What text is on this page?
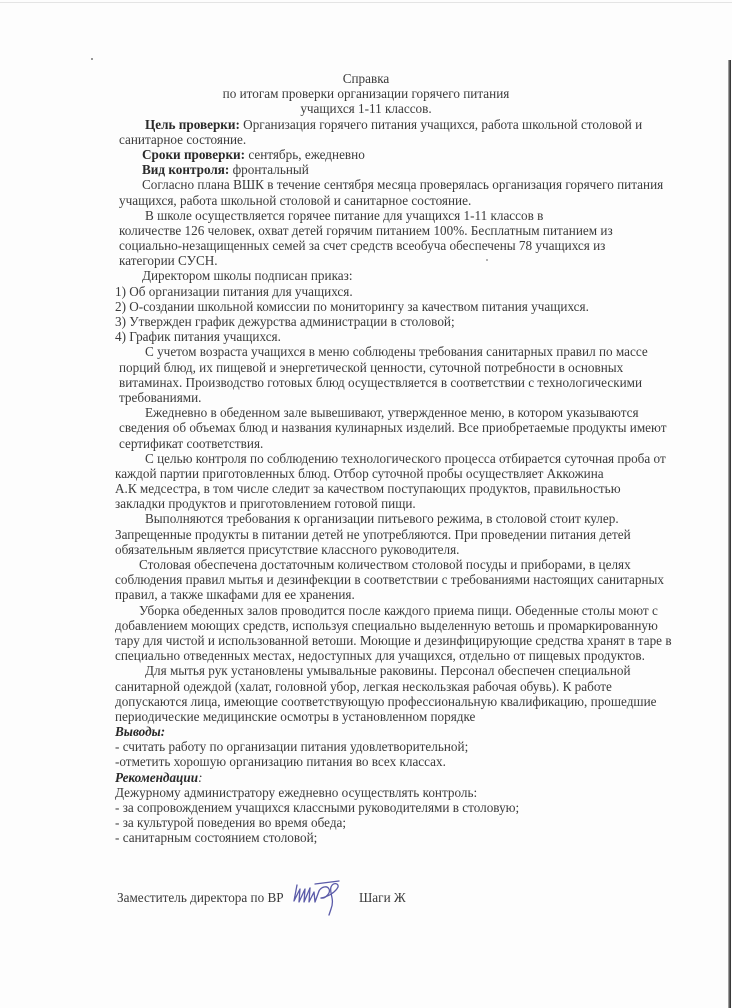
Справка
по итогам проверки организации горячего питания
учащихся 1-11 классов.
Цель проверки: Организация горячего питания учащихся, работа школьной столовой и
санитарное состояние.
Сроки проверки: сентябрь, ежедневно
Вид контроля: фронтальный
Согласно плана ВШК в течение сентября месяца проверялась организация горячего питания
учащихся, работа школьной столовой и санитарное состояние.
В школе осуществляется горячее питание для учащихся 1-11 классов в
количестве 126 человек, охват детей горячим питанием 100%. Бесплатным питанием из
социально-незащищенных семей за счет средств всеобуча обеспечены 78 учащихся из
категории СУСН.
Директором школы подписан приказ:
1) Об организации питания для учащихся.
2) О-создании школьной комиссии по мониторингу за качеством питания учащихся.
3) Утвержден график дежурства администрации в столовой;
4) График питания учащихся.
С учетом возраста учащихся в меню соблюдены требования санитарных правил по массе
порций блюд, их пищевой и энергетической ценности, суточной потребности в основных
витаминах. Производство готовых блюд осуществляется в соответствии с технологическими
требованиями.
Ежедневно в обеденном зале вывешивают, утвержденное меню, в котором указываются
сведения об объемах блюд и названия кулинарных изделий. Все приобретаемые продукты имеют
сертификат соответствия.
С целью контроля по соблюдению технологического процесса отбирается суточная проба от
каждой партии приготовленных блюд. Отбор суточной пробы осуществляет Аккожина
А.К медсестра, в том числе следит за качеством поступающих продуктов, правильностью
закладки продуктов и приготовлением готовой пищи.
Выполняются требования к организации питьевого режима, в столовой стоит кулер.
Запрещенные продукты в питании детей не употребляются. При проведении питания детей
обязательным является присутствие классного руководителя.
Столовая обеспечена достаточным количеством столовой посуды и приборами, в целях
соблюдения правил мытья и дезинфекции в соответствии с требованиями настоящих санитарных
правил, а также шкафами для ее хранения.
Уборка обеденных залов проводится после каждого приема пищи. Обеденные столы моют с
добавлением моющих средств, используя специально выделенную ветошь и промаркированную
тару для чистой и использованной ветоши. Моющие и дезинфицирующие средства хранят в таре в
специально отведенных местах, недоступных для учащихся, отдельно от пищевых продуктов.
Для мытья рук установлены умывальные раковины. Персонал обеспечен специальной
санитарной одеждой (халат, головной убор, легкая нескользкая рабочая обувь). К работе
допускаются лица, имеющие соответствующую профессиональную квалификацию, прошедшие
периодические медицинские осмотры в установленном порядке
Выводы:
- считать работу по организации питания удовлетворительной;
-отметить хорошую организацию питания во всех классах.
Рекомендации:
Дежурному администратору ежедневно осуществлять контроль:
- за сопровождением учащихся классными руководителями в столовую;
- за культурой поведения во время обеда;
- санитарным состоянием столовой;
Заместитель директора по ВР	Шаги Ж
